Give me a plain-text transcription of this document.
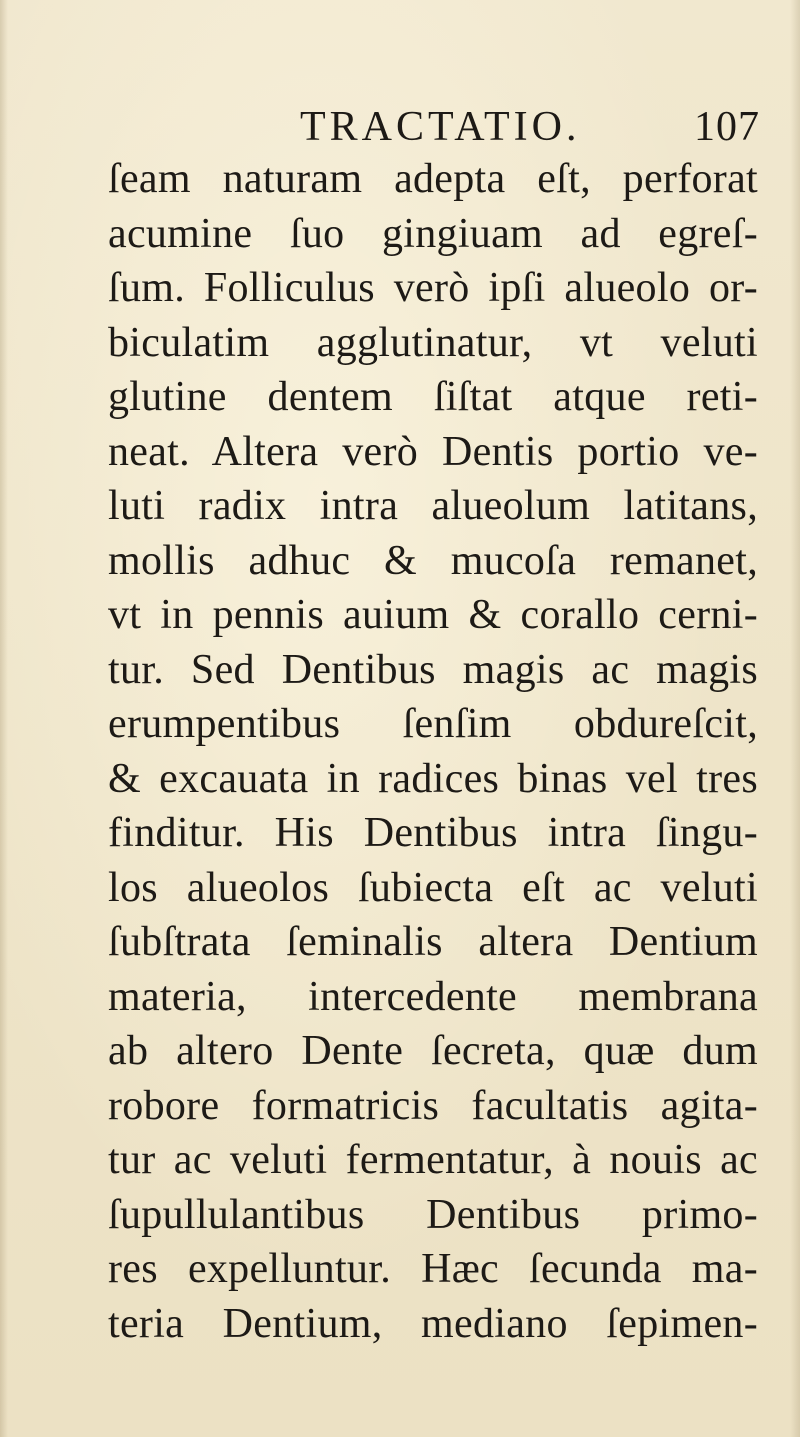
TRACTATIO.	107
ſeam naturam adepta eſt, perforat
acumine ſuo gingiuam ad egreſ-
ſum. Folliculus verò ipſi alueolo or-
biculatim agglutinatur, vt veluti
glutine dentem ſiſtat atque reti-
neat. Altera verò Dentis portio ve-
luti radix intra alueolum latitans,
mollis adhuc & mucoſa remanet,
vt in pennis auium & corallo cerni-
tur. Sed Dentibus magis ac magis
erumpentibus ſenſim obdureſcit,
& excauata in radices binas vel tres
finditur. His Dentibus intra ſingu-
los alueolos ſubiecta eſt ac veluti
ſubſtrata ſeminalis altera Dentium
materia, intercedente membrana
ab altero Dente ſecreta, quæ dum
robore formatricis facultatis agita-
tur ac veluti fermentatur, à nouis ac
ſupullulantibus Dentibus primo-
res expelluntur. Hæc ſecunda ma-
teria Dentium, mediano ſepimen-
